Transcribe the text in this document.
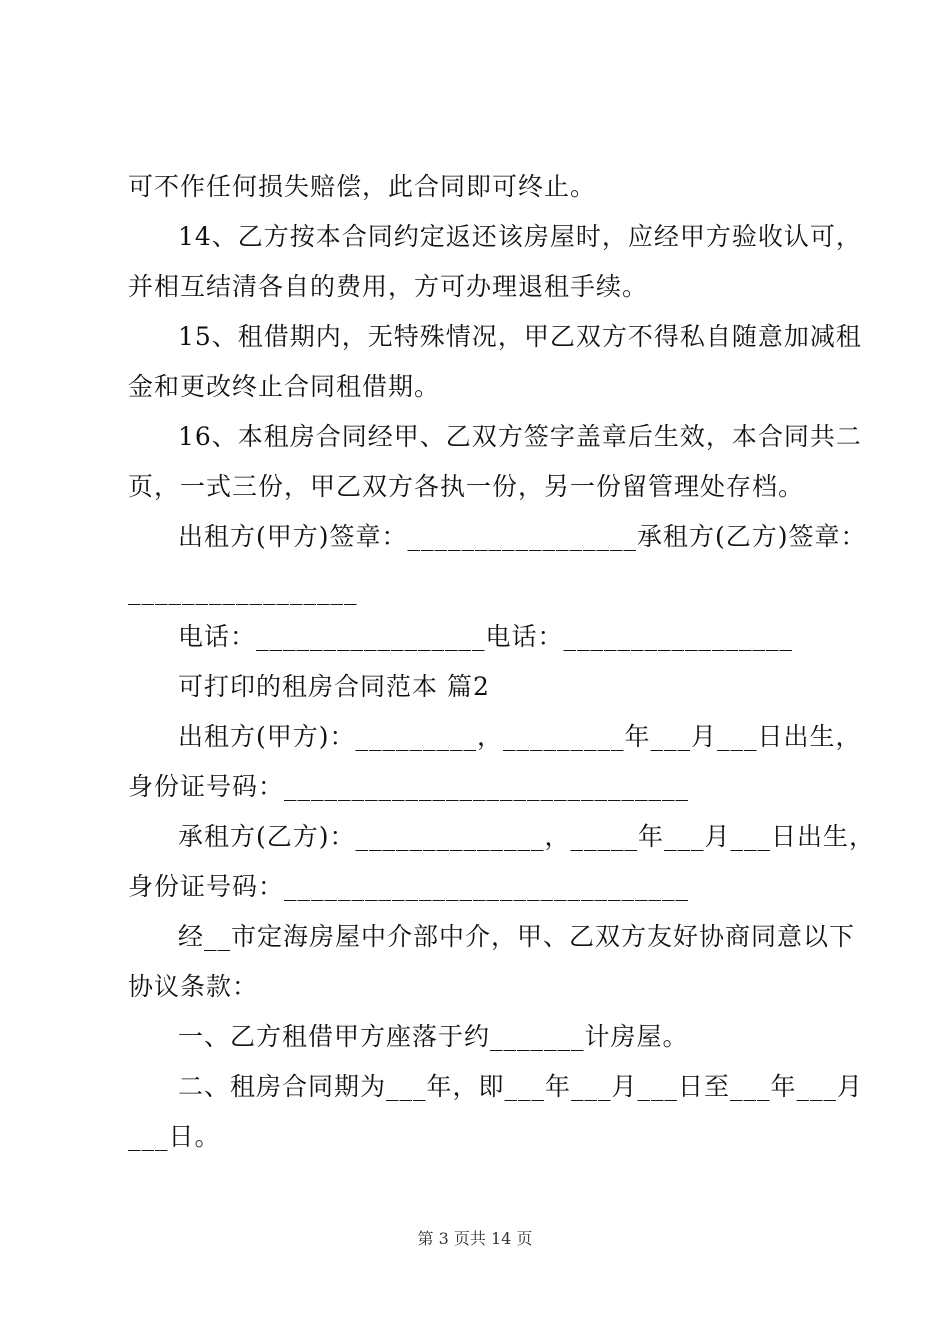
可不作任何损失赔偿，此合同即可终止。
14、乙方按本合同约定返还该房屋时，应经甲方验收认可，
并相互结清各自的费用，方可办理退租手续。
15、租借期内，无特殊情况，甲乙双方不得私自随意加减租
金和更改终止合同租借期。
16、本租房合同经甲、乙双方签字盖章后生效，本合同共二
页，一式三份，甲乙双方各执一份，另一份留管理处存档。
出租方(甲方)签章：_________________承租方(乙方)签章：
_________________
电话：_________________电话：_________________
可打印的租房合同范本 篇2
出租方(甲方)：_________，_________年___月___日出生，
身份证号码：______________________________
承租方(乙方)：______________，_____年___月___日出生，
身份证号码：______________________________
经__市定海房屋中介部中介，甲、乙双方友好协商同意以下
协议条款：
一、乙方租借甲方座落于约_______计房屋。
二、租房合同期为___年，即___年___月___日至___年___月
___日。
第 3 页共 14 页
